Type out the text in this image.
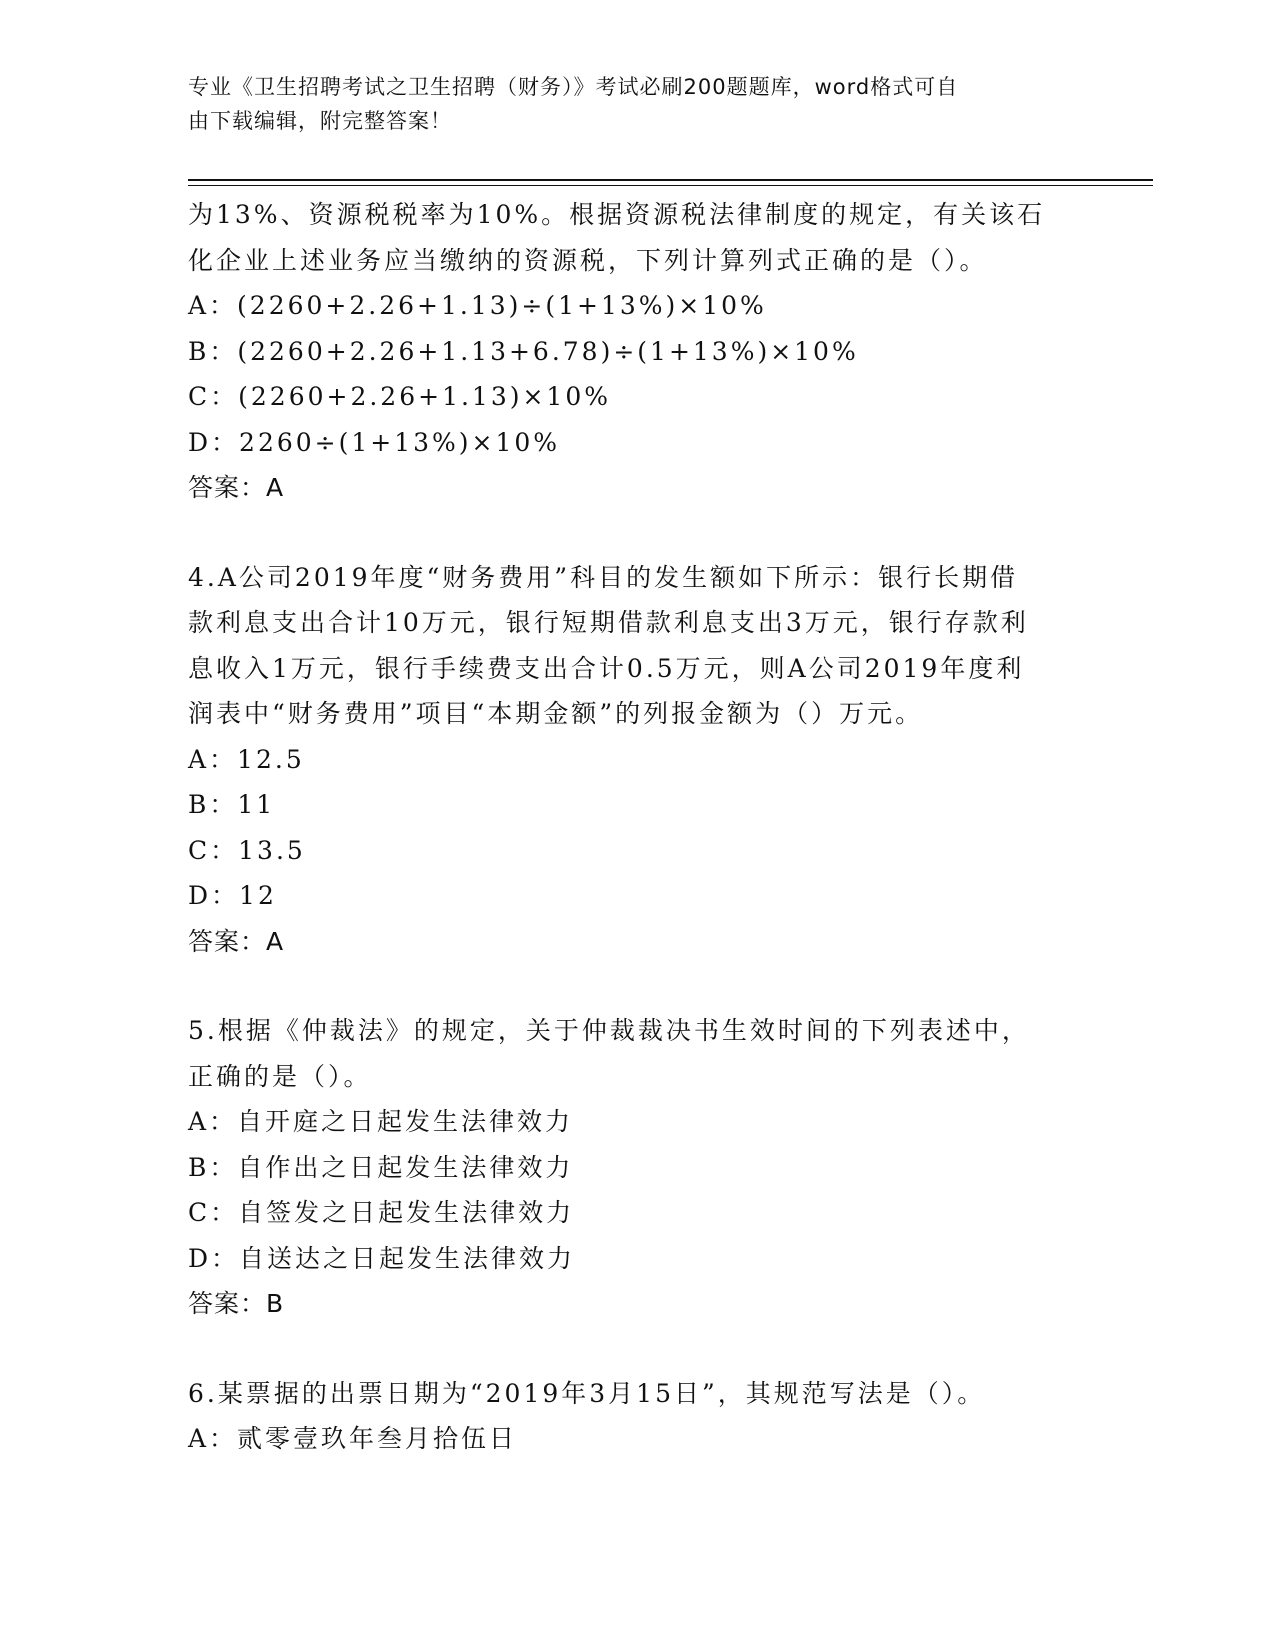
专业《卫生招聘考试之卫生招聘（财务）》考试必刷200题题库，word格式可自
由下载编辑，附完整答案！

为13%、资源税税率为10%。根据资源税法律制度的规定，有关该石

化企业上述业务应当缴纳的资源税，下列计算列式正确的是（）。

A：(2260+2.26+1.13)÷(1+13%)×10%

B：(2260+2.26+1.13+6.78)÷(1+13%)×10%

C：(2260+2.26+1.13)×10%

D：2260÷(1+13%)×10%

答案：A

4.A公司2019年度“财务费用”科目的发生额如下所示：银行长期借

款利息支出合计10万元，银行短期借款利息支出3万元，银行存款利

息收入1万元，银行手续费支出合计0.5万元，则A公司2019年度利

润表中“财务费用”项目“本期金额”的列报金额为（）万元。

A：12.5

B：11

C：13.5

D：12

答案：A

5.根据《仲裁法》的规定，关于仲裁裁决书生效时间的下列表述中，

正确的是（）。

A：自开庭之日起发生法律效力

B：自作出之日起发生法律效力

C：自签发之日起发生法律效力

D：自送达之日起发生法律效力

答案：B

6.某票据的出票日期为“2019年3月15日”，其规范写法是（）。

A：贰零壹玖年叁月拾伍日
